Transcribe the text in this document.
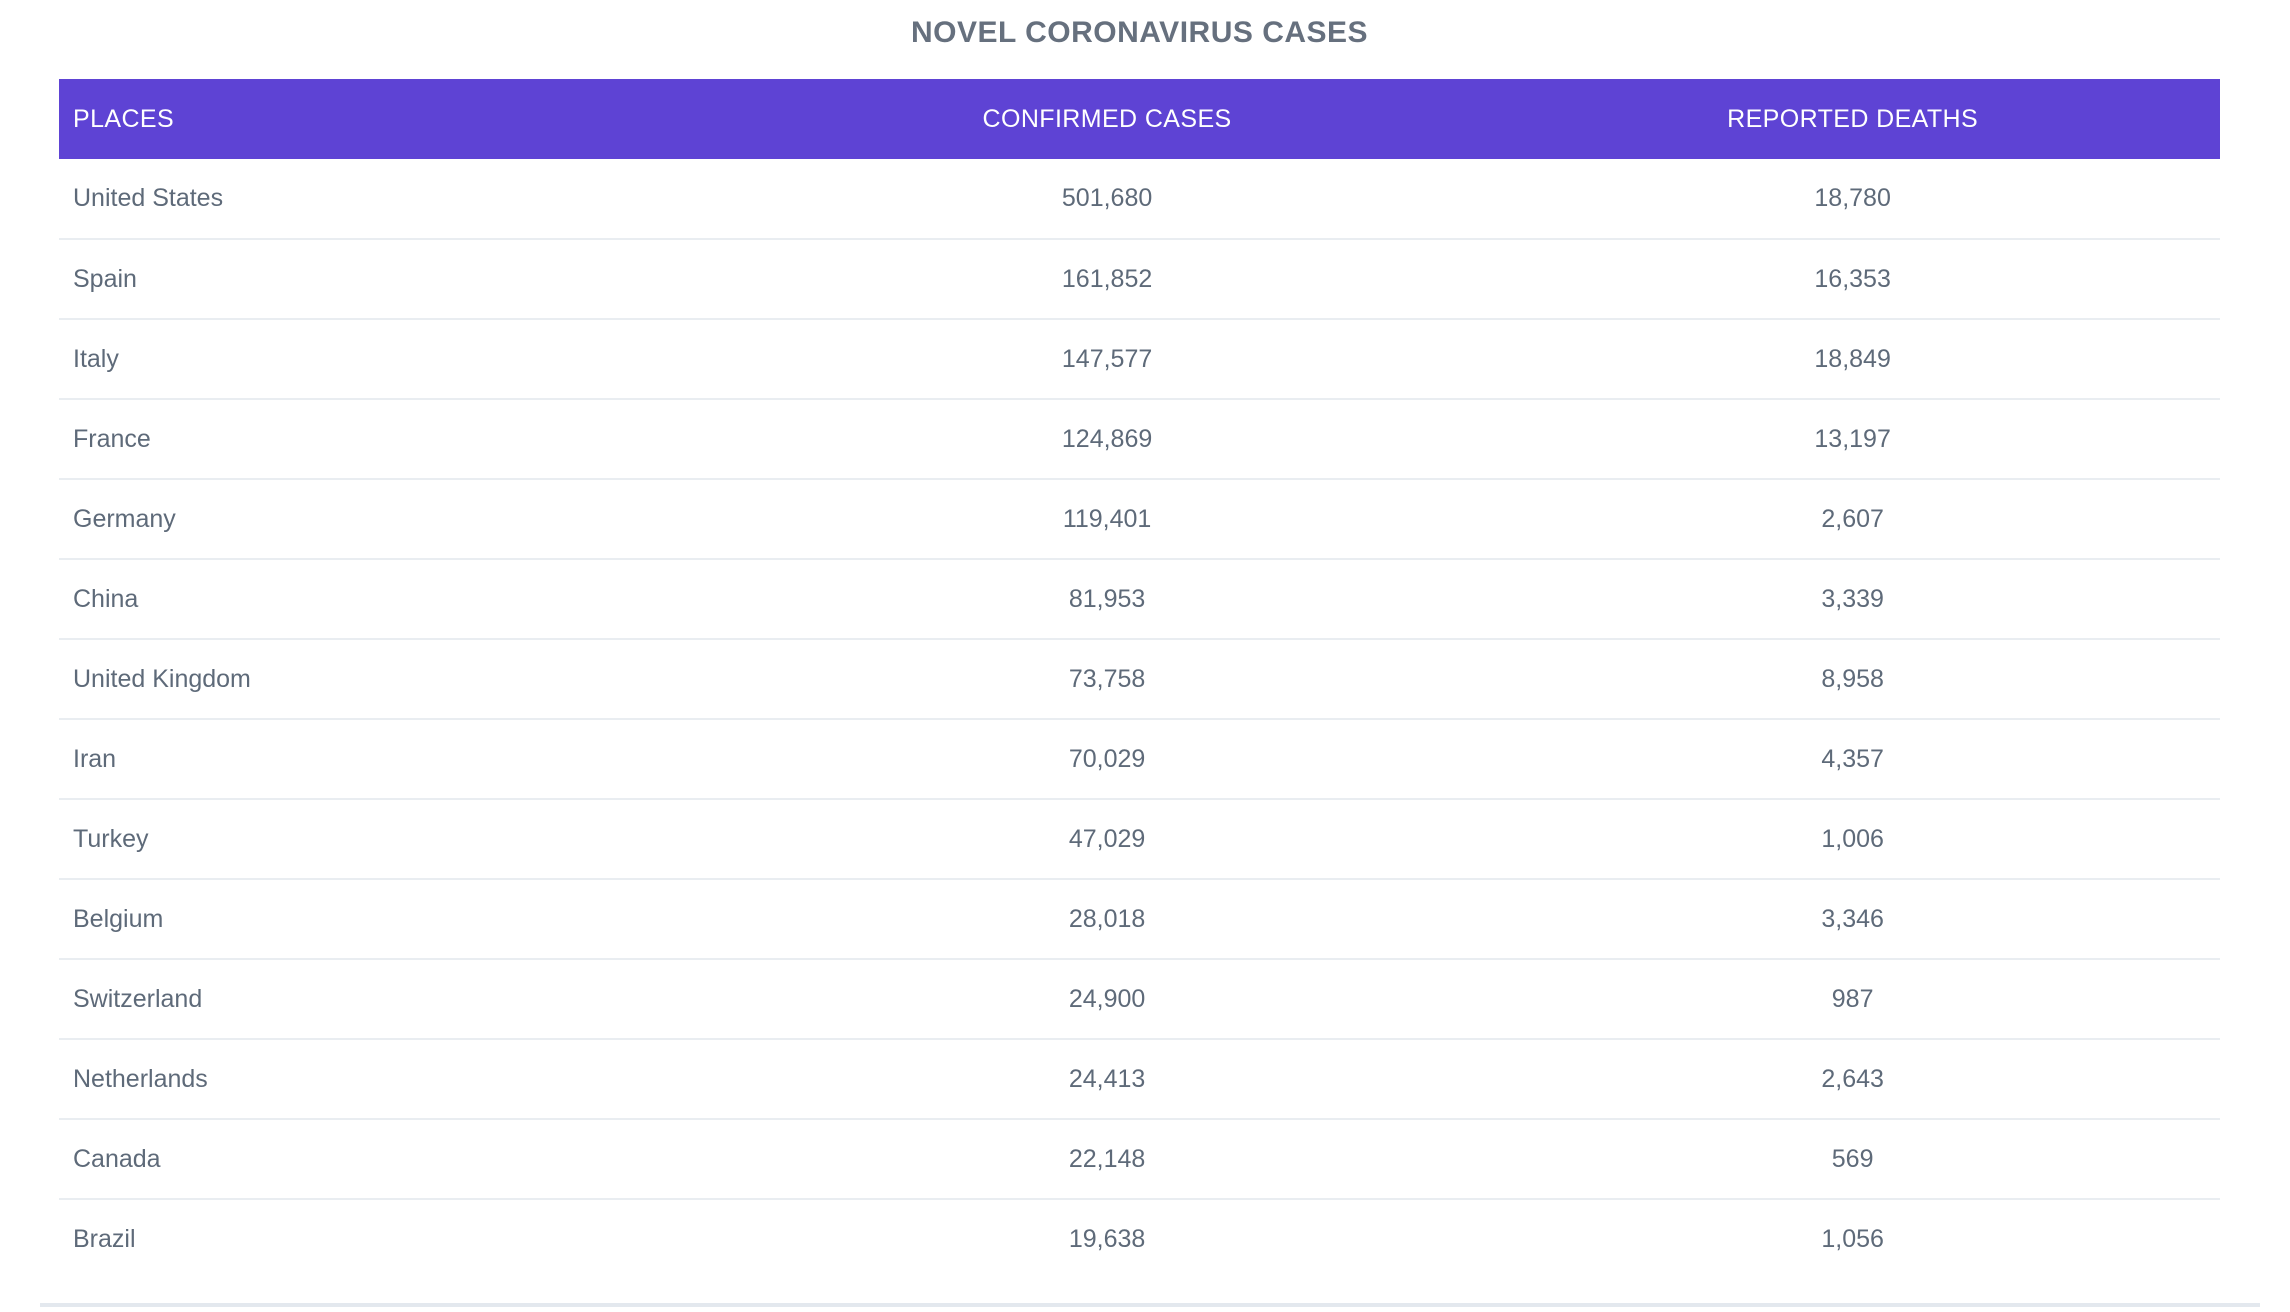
NOVEL CORONAVIRUS CASES
PLACES	CONFIRMED CASES	REPORTED DEATHS
United States	501,680	18,780
Spain	161,852	16,353
Italy	147,577	18,849
France	124,869	13,197
Germany	119,401	2,607
China	81,953	3,339
United Kingdom	73,758	8,958
Iran	70,029	4,357
Turkey	47,029	1,006
Belgium	28,018	3,346
Switzerland	24,900	987
Netherlands	24,413	2,643
Canada	22,148	569
Brazil	19,638	1,056
